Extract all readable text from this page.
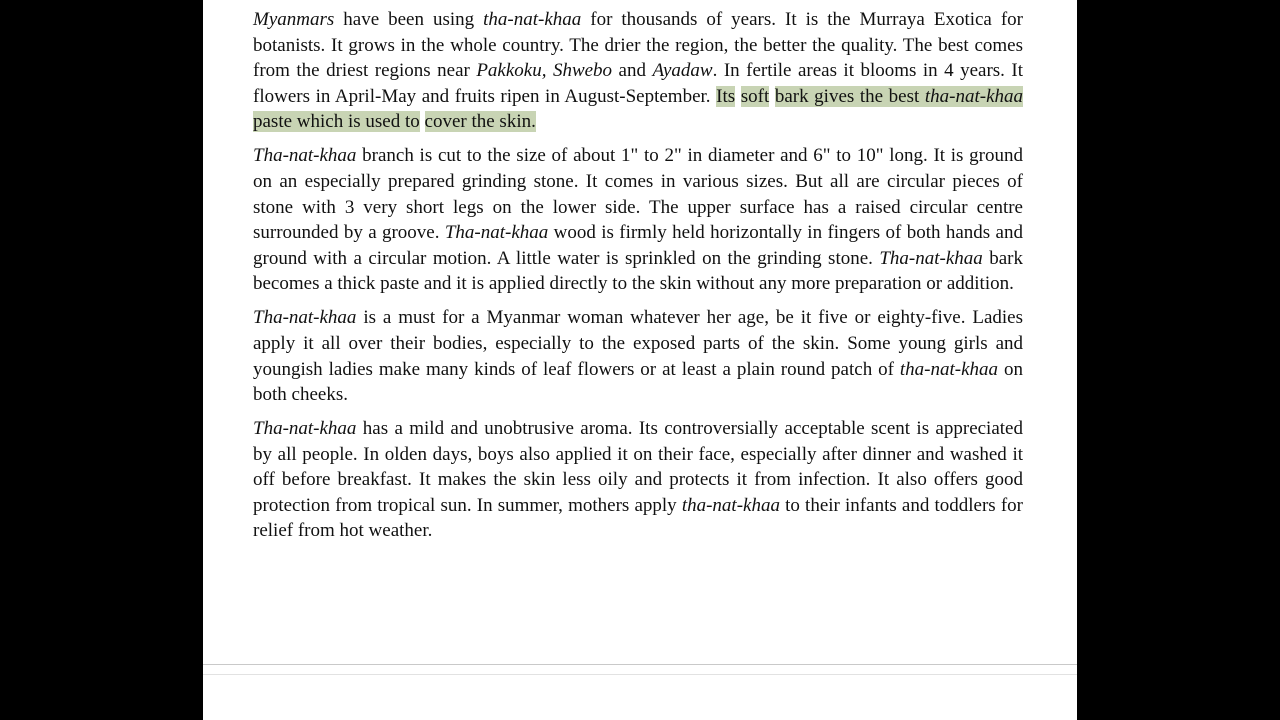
Myanmars have been using tha-nat-khaa for thousands of years. It is the Murraya Exotica for botanists. It grows in the whole country. The drier the region, the better the quality. The best comes from the driest regions near Pakkoku, Shwebo and Ayadaw. In fertile areas it blooms in 4 years. It flowers in April-May and fruits ripen in August-September. Its soft bark gives the best tha-nat-khaa paste which is used to cover the skin.

Tha-nat-khaa branch is cut to the size of about 1" to 2" in diameter and 6" to 10" long. It is ground on an especially prepared grinding stone. It comes in various sizes. But all are circular pieces of stone with 3 very short legs on the lower side. The upper surface has a raised circular centre surrounded by a groove. Tha-nat-khaa wood is firmly held horizontally in fingers of both hands and ground with a circular motion. A little water is sprinkled on the grinding stone. Tha-nat-khaa bark becomes a thick paste and it is applied directly to the skin without any more preparation or addition.

Tha-nat-khaa is a must for a Myanmar woman whatever her age, be it five or eighty-five. Ladies apply it all over their bodies, especially to the exposed parts of the skin. Some young girls and youngish ladies make many kinds of leaf flowers or at least a plain round patch of tha-nat-khaa on both cheeks.

Tha-nat-khaa has a mild and unobtrusive aroma. Its controversially acceptable scent is appreciated by all people. In olden days, boys also applied it on their face, especially after dinner and washed it off before breakfast. It makes the skin less oily and protects it from infection. It also offers good protection from tropical sun. In summer, mothers apply tha-nat-khaa to their infants and toddlers for relief from hot weather.
